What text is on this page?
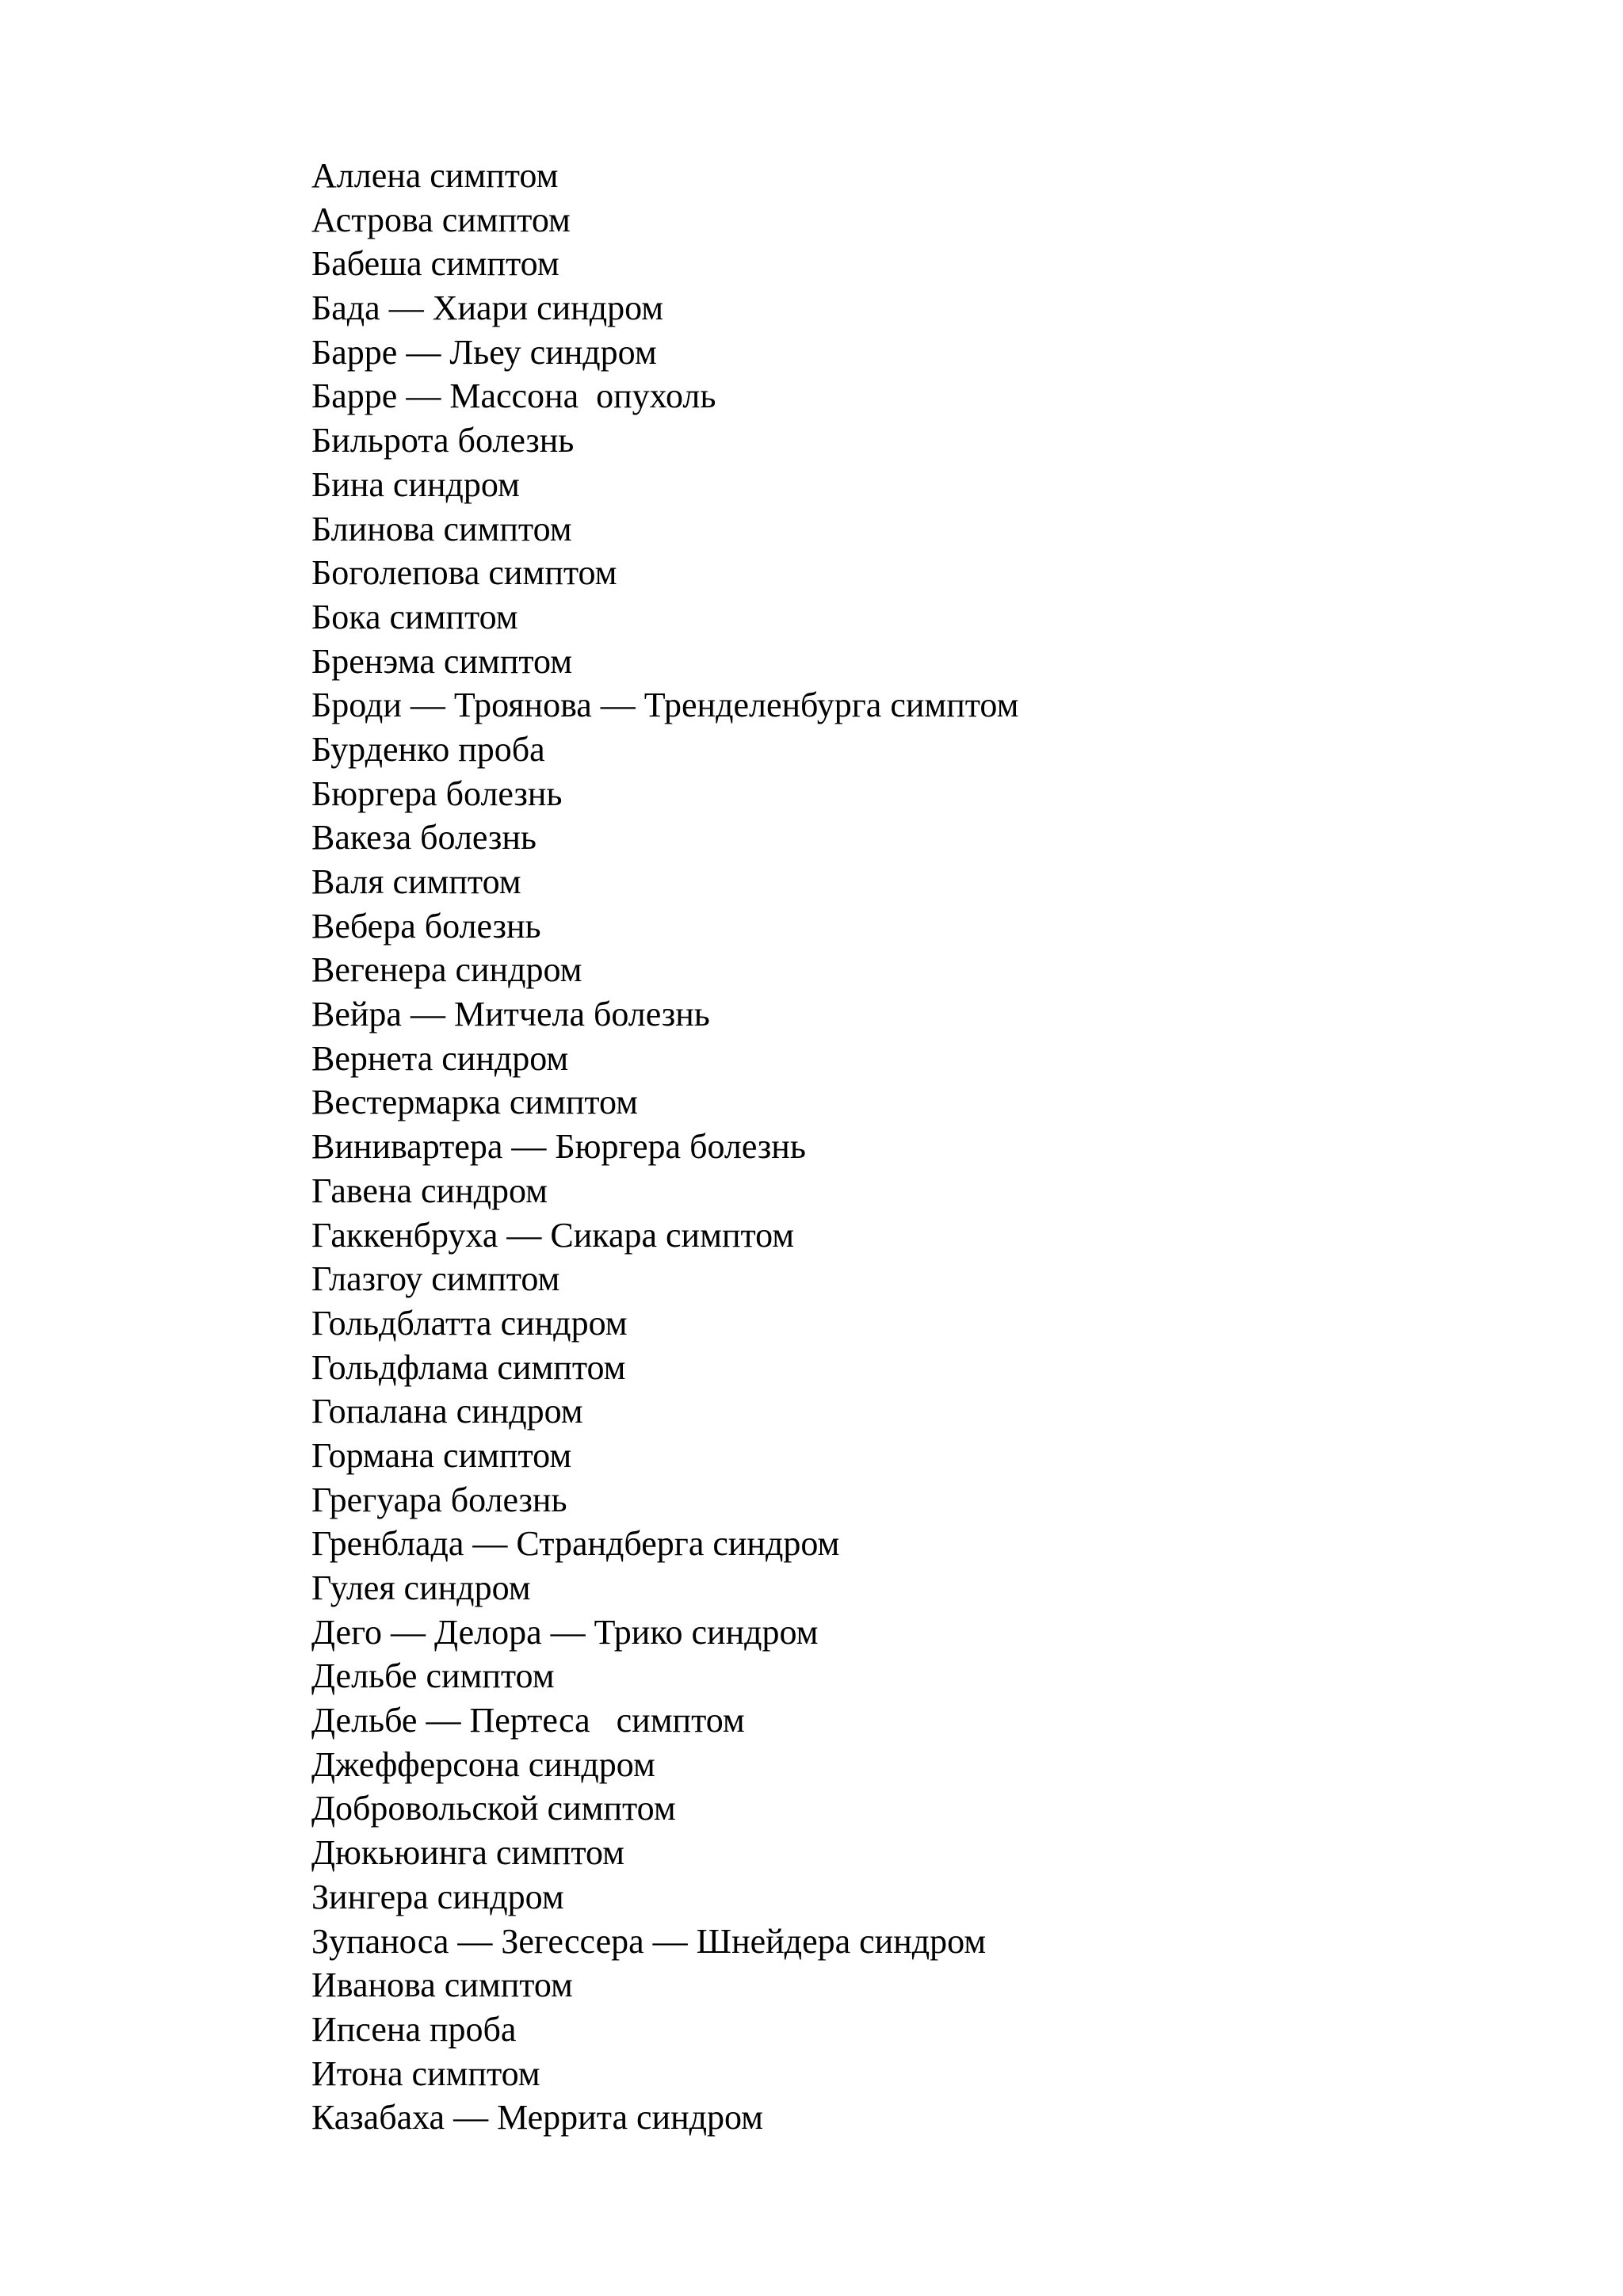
Аллена симптом
Астрова симптом
Бабеша симптом
Бада — Хиари синдром
Барре — Льеу синдром
Барре — Массона  опухоль
Бильрота болезнь
Бина синдром
Блинова симптом
Боголепова симптом
Бока симптом
Бренэма симптом
Броди — Троянова — Тренделенбурга симптом
Бурденко проба
Бюргера болезнь
Вакеза болезнь
Валя симптом
Вебера болезнь
Вегенера синдром
Вейра — Митчела болезнь
Вернета синдром
Вестермарка симптом
Винивартера — Бюргера болезнь
Гавена синдром
Гаккенбруха — Сикара симптом
Глазгоу симптом
Гольдблатта синдром
Гольдфлама симптом
Гопалана синдром
Гормана симптом
Грегуара болезнь
Гренблада — Страндберга синдром
Гулея синдром
Дего — Делора — Трико синдром
Дельбе симптом
Дельбе — Пертеса   симптом
Джефферсона синдром
Добровольской симптом
Дюкьюинга симптом
Зингера синдром
Зупаноса — Зегессера — Шнейдера синдром
Иванова симптом
Ипсена проба
Итона симптом
Казабаха — Меррита синдром
